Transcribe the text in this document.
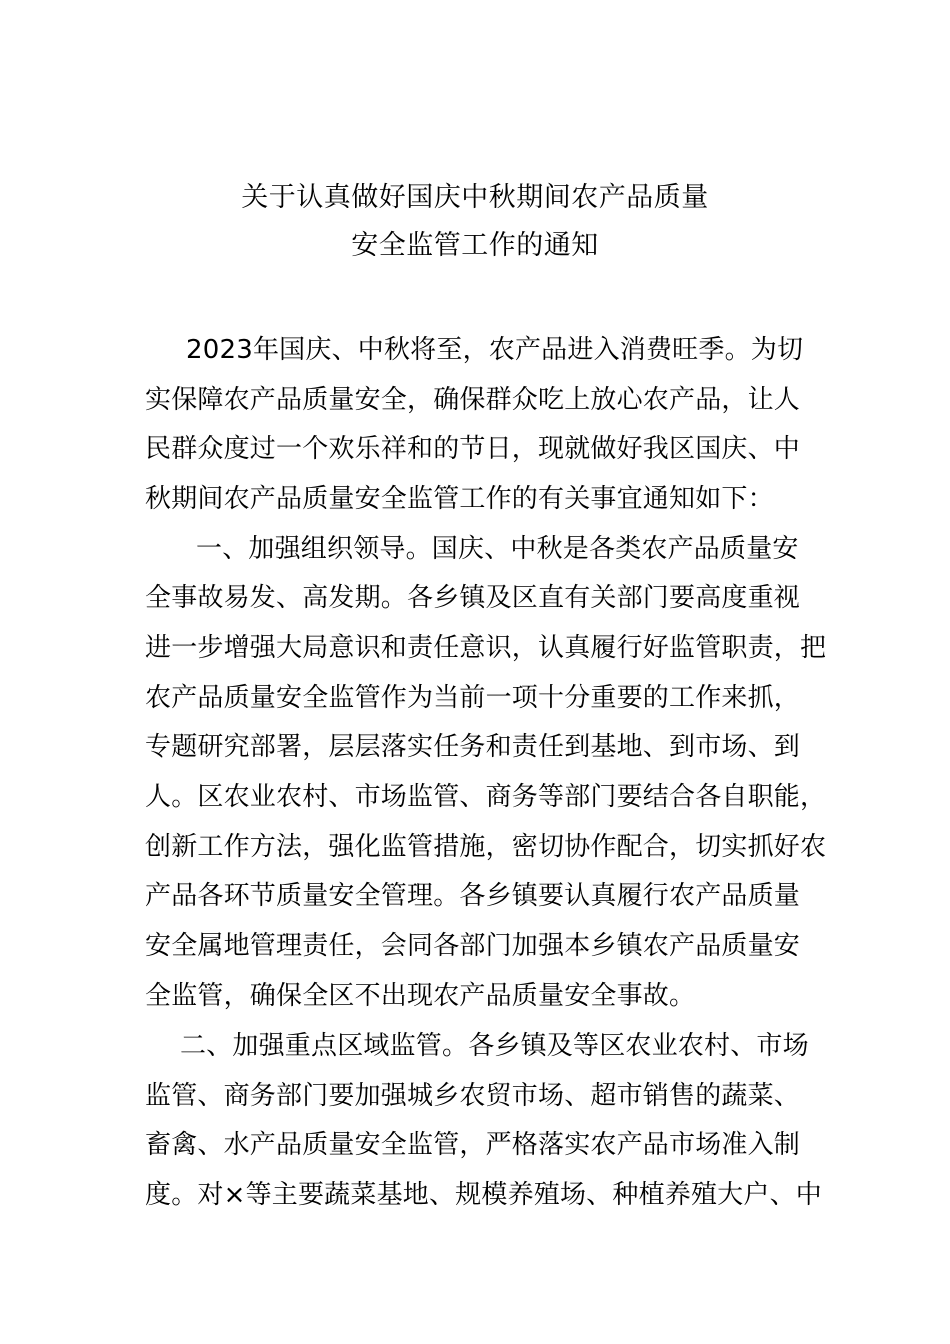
关于认真做好国庆中秋期间农产品质量
安全监管工作的通知
2023年国庆、中秋将至，农产品进入消费旺季。为切
实保障农产品质量安全，确保群众吃上放心农产品，让人
民群众度过一个欢乐祥和的节日，现就做好我区国庆、中
秋期间农产品质量安全监管工作的有关事宜通知如下：
一、加强组织领导。国庆、中秋是各类农产品质量安
全事故易发、高发期。各乡镇及区直有关部门要高度重视
进一步增强大局意识和责任意识，认真履行好监管职责，把
农产品质量安全监管作为当前一项十分重要的工作来抓，
专题研究部署，层层落实任务和责任到基地、到市场、到
人。区农业农村、市场监管、商务等部门要结合各自职能，
创新工作方法，强化监管措施，密切协作配合，切实抓好农
产品各环节质量安全管理。各乡镇要认真履行农产品质量
安全属地管理责任，会同各部门加强本乡镇农产品质量安
全监管，确保全区不出现农产品质量安全事故。
二、加强重点区域监管。各乡镇及等区农业农村、市场
监管、商务部门要加强城乡农贸市场、超市销售的蔬菜、
畜禽、水产品质量安全监管，严格落实农产品市场准入制
度。对×等主要蔬菜基地、规模养殖场、种植养殖大户、中
